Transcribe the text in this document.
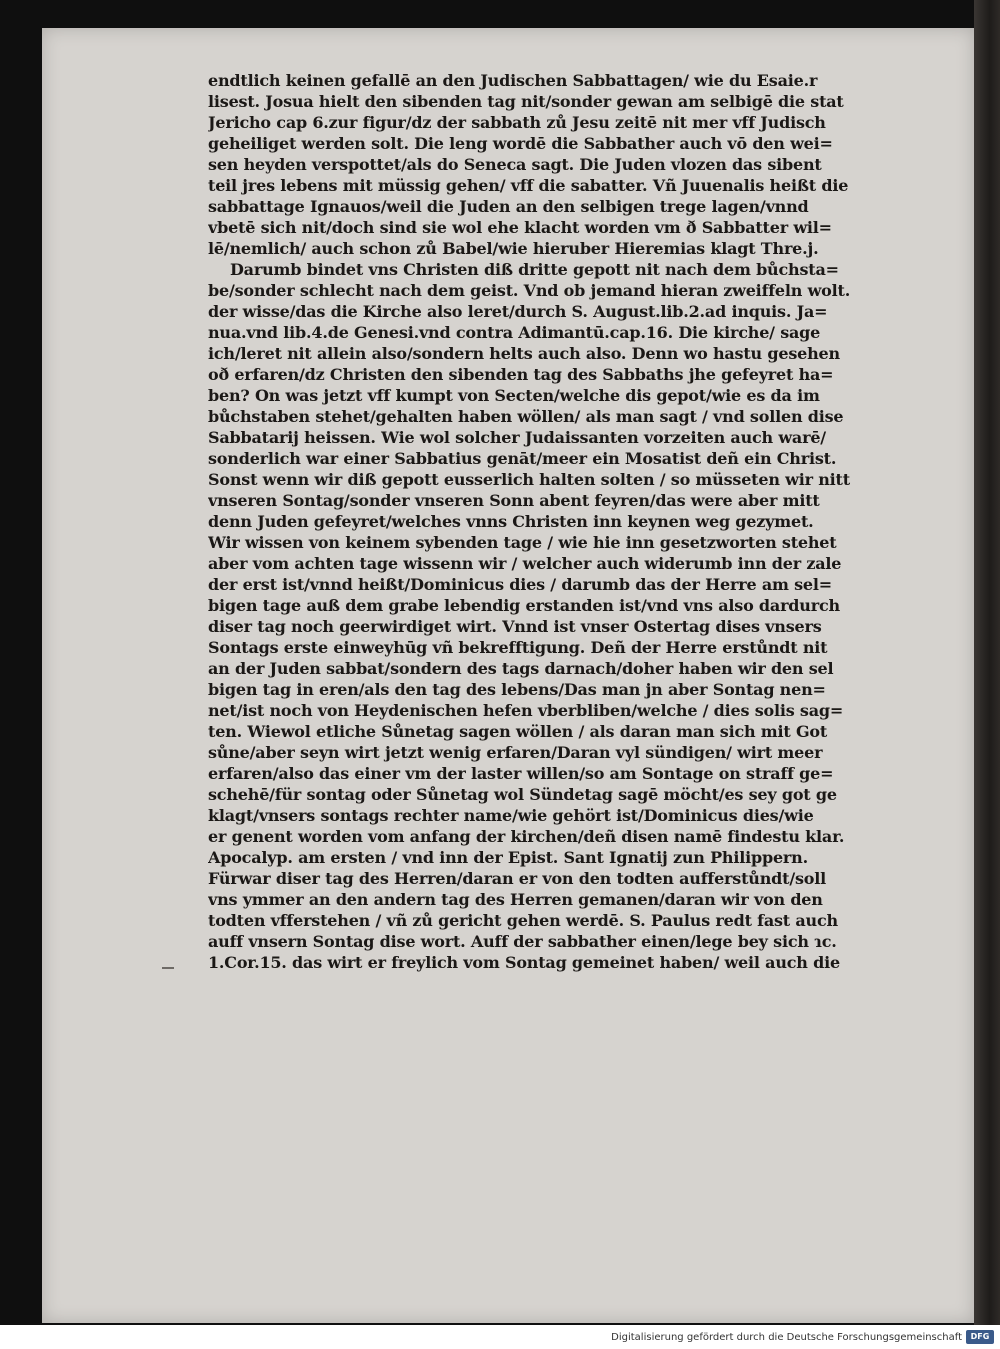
endtlich keinen gefallē an den Judischen Sabbattagen/ wie du Esaie.r
lisest. Josua hielt den sibenden tag nit/sonder gewan am selbigē die stat
Jericho cap 6.zur figur/dz der sabbath zů Jesu zeitē nit mer vff Judisch
geheiliget werden solt. Die leng wordē die Sabbather auch vō den wei=
sen heyden verspottet/als do Seneca sagt. Die Juden vlozen das sibent
teil jres lebens mit müssig gehen/ vff die sabatter. Vñ Juuenalis heißt die
sabbattage Ignauos/weil die Juden an den selbigen trege lagen/vnnd
vbetē sich nit/doch sind sie wol ehe klacht worden vm ð Sabbatter wil=
lē/nemlich/ auch schon zů Babel/wie hieruber Hieremias klagt Thre.j.
Darumb bindet vns Christen diß dritte gepott nit nach dem bůchsta=
be/sonder schlecht nach dem geist. Vnd ob jemand hieran zweiffeln wolt.
der wisse/das die Kirche also leret/durch S. August.lib.2.ad inquis. Ja=
nua.vnd lib.4.de Genesi.vnd contra Adimantū.cap.16. Die kirche/ sage
ich/leret nit allein also/sondern helts auch also. Denn wo hastu gesehen
oð erfaren/dz Christen den sibenden tag des Sabbaths jhe gefeyret ha=
ben? On was jetzt vff kumpt von Secten/welche dis gepot/wie es da im
bůchstaben stehet/gehalten haben wöllen/ als man sagt / vnd sollen dise
Sabbatarij heissen. Wie wol solcher Judaissanten vorzeiten auch warē/
sonderlich war einer Sabbatius genāt/meer ein Mosatist deñ ein Christ.
Sonst wenn wir diß gepott eusserlich halten solten / so müsseten wir nitt
vnseren Sontag/sonder vnseren Sonn abent feyren/das were aber mitt
denn Juden gefeyret/welches vnns Christen inn keynen weg gezymet.
Wir wissen von keinem sybenden tage / wie hie inn gesetzworten stehet
aber vom achten tage wissenn wir / welcher auch widerumb inn der zale
der erst ist/vnnd heißt/Dominicus dies / darumb das der Herre am sel=
bigen tage auß dem grabe lebendig erstanden ist/vnd vns also dardurch
diser tag noch geerwirdiget wirt. Vnnd ist vnser Ostertag dises vnsers
Sontags erste einweyhūg vñ bekrefftigung. Deñ der Herre erstůndt nit
an der Juden sabbat/sondern des tags darnach/doher haben wir den sel
bigen tag in eren/als den tag des lebens/Das man jn aber Sontag nen=
net/ist noch von Heydenischen hefen vberbliben/welche / dies solis sag=
ten. Wiewol etliche Sůnetag sagen wöllen / als daran man sich mit Got
sůne/aber seyn wirt jetzt wenig erfaren/Daran vyl sündigen/ wirt meer
erfaren/also das einer vm der laster willen/so am Sontage on straff ge=
schehē/für sontag oder Sůnetag wol Sündetag sagē möcht/es sey got ge
klagt/vnsers sontags rechter name/wie gehört ist/Dominicus dies/wie
er genent worden vom anfang der kirchen/deñ disen namē findestu klar.
Apocalyp. am ersten / vnd inn der Epist. Sant Ignatij zun Philippern.
Fürwar diser tag des Herren/daran er von den todten aufferstůndt/soll
vns ymmer an den andern tag des Herren gemanen/daran wir von den
todten vfferstehen / vñ zů gericht gehen werdē. S. Paulus redt fast auch
auff vnsern Sontag dise wort. Auff der sabbather einen/lege bey sich ɿc.
1.Cor.15. das wirt er freylich vom Sontag gemeinet haben/ weil auch die
Digitalisierung gefördert durch die Deutsche Forschungsgemeinschaft	DFG
